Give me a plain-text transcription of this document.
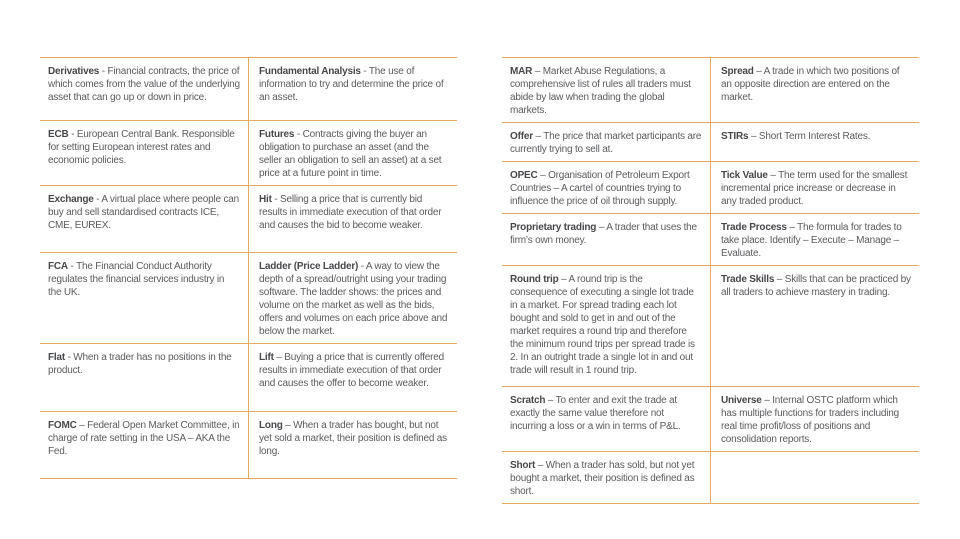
Derivatives - Financial contracts, the price of which comes from the value of the underlying asset that can go up or down in price.	Fundamental Analysis - The use of information to try and determine the price of an asset.
ECB - European Central Bank. Responsible for setting European interest rates and economic policies.	Futures - Contracts giving the buyer an obligation to purchase an asset (and the seller an obligation to sell an asset) at a set price at a future point in time.
Exchange - A virtual place where people can buy and sell standardised contracts ICE, CME, EUREX.	Hit - Selling a price that is currently bid results in immediate execution of that order and causes the bid to become weaker.
FCA - The Financial Conduct Authority regulates the financial services industry in the UK.	Ladder (Price Ladder) - A way to view the depth of a spread/outright using your trading software. The ladder shows: the prices and volume on the market as well as the bids, offers and volumes on each price above and below the market.
Flat - When a trader has no positions in the product.	Lift – Buying a price that is currently offered results in immediate execution of that order and causes the offer to become weaker.
FOMC – Federal Open Market Committee, in charge of rate setting in the USA – AKA the Fed.	Long – When a trader has bought, but not yet sold a market, their position is defined as long.
MAR – Market Abuse Regulations, a comprehensive list of rules all traders must abide by law when trading the global markets.	Spread – A trade in which two positions of an opposite direction are entered on the market.
Offer – The price that market participants are currently trying to sell at.	STIRs – Short Term Interest Rates.
OPEC – Organisation of Petroleum Export Countries – A cartel of countries trying to influence the price of oil through supply.	Tick Value – The term used for the smallest incremental price increase or decrease in any traded product.
Proprietary trading – A trader that uses the firm’s own money.	Trade Process – The formula for trades to take place. Identify – Execute – Manage – Evaluate.
Round trip – A round trip is the consequence of executing a single lot trade in a market. For spread trading each lot bought and sold to get in and out of the market requires a round trip and therefore the minimum round trips per spread trade is 2. In an outright trade a single lot in and out trade will result in 1 round trip.	Trade Skills – Skills that can be practiced by all traders to achieve mastery in trading.
Scratch – To enter and exit the trade at exactly the same value therefore not incurring a loss or a win in terms of P&L.	Universe – Internal OSTC platform which has multiple functions for traders including real time profit/loss of positions and consolidation reports.
Short – When a trader has sold, but not yet bought a market, their position is defined as short.	
